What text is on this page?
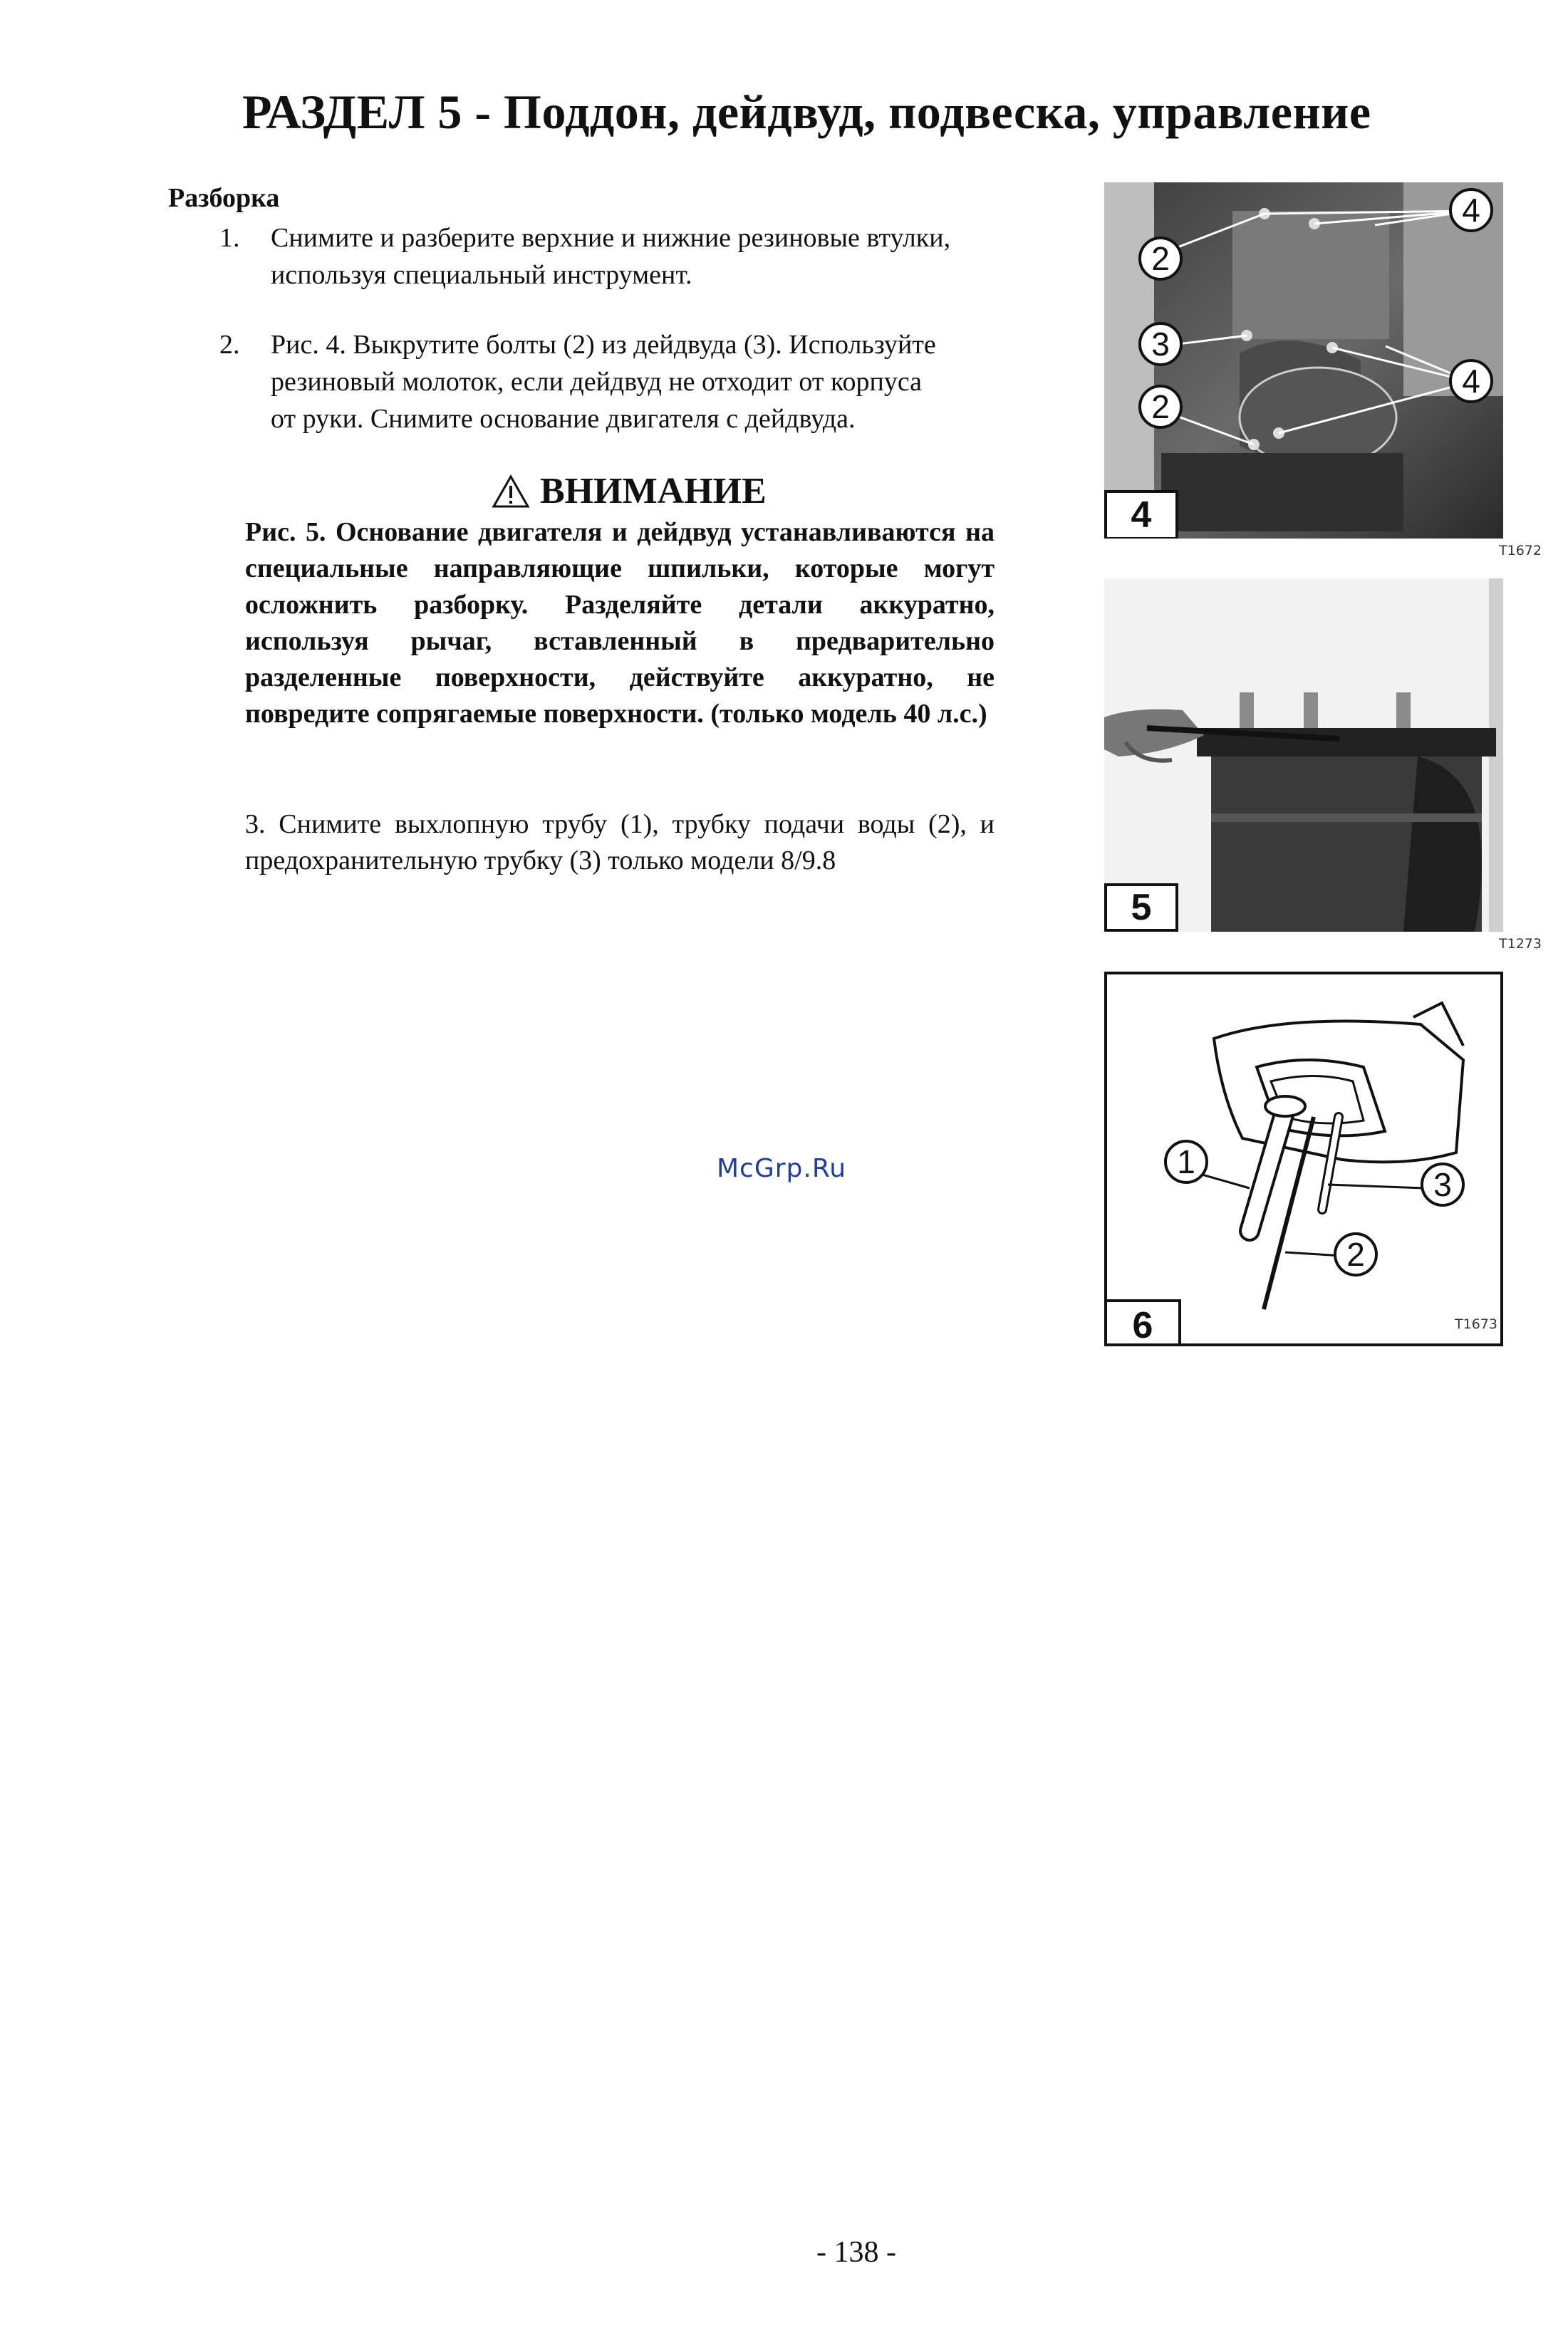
РАЗДЕЛ 5 - Поддон, дейдвуд, подвеска, управление
Разборка
1. Снимите и разберите верхние и нижние резиновые втулки,
используя специальный инструмент.
2. Рис. 4. Выкрутите болты (2) из дейдвуда (3). Используйте
резиновый молоток, если дейдвуд не отходит от корпуса
от руки. Снимите основание двигателя с дейдвуда.
ВНИМАНИЕ
Рис. 5. Основание двигателя и дейдвуд устанавливаются на специальные направляющие шпильки, которые могут осложнить разборку. Разделяйте детали аккуратно, используя рычаг, вставленный в предварительно разделенные поверхности, действуйте аккуратно, не повредите сопрягаемые поверхности. (только модель 40 л.с.)
3. Снимите выхлопную трубу (1), трубку подачи воды (2), и предохранительную трубку (3) только модели 8/9.8
McGrp.Ru
4
2
3
4
2
4
T1672
5
T1273
1
3
2
6	T1673
- 138 -
